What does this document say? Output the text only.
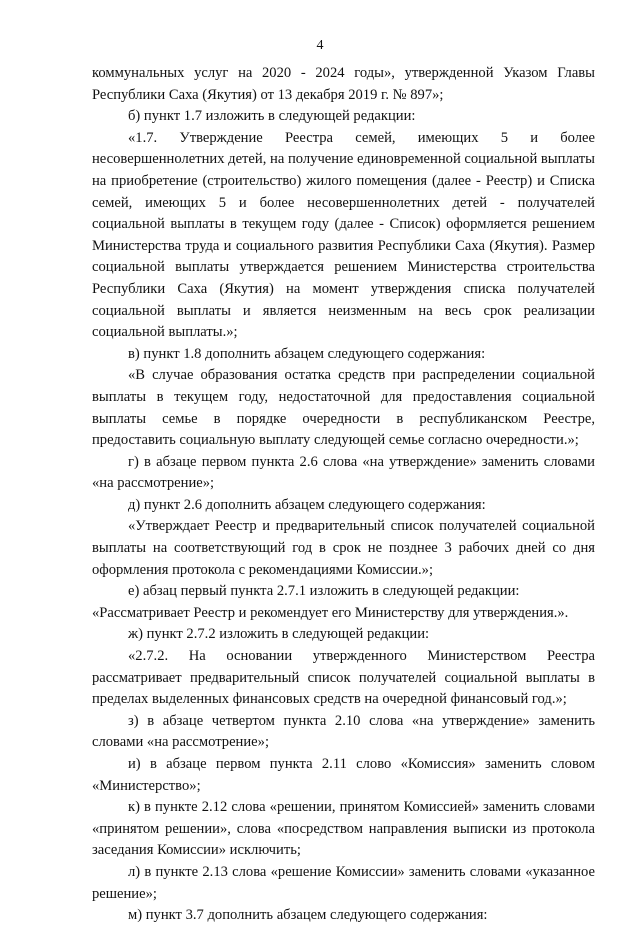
4

коммунальных услуг на 2020 - 2024 годы», утвержденной Указом Главы Республики Саха (Якутия) от 13 декабря 2019 г. № 897»;

б) пункт 1.7 изложить в следующей редакции:

«1.7. Утверждение Реестра семей, имеющих 5 и более несовершеннолетних детей, на получение единовременной социальной выплаты на приобретение (строительство) жилого помещения (далее - Реестр) и Списка семей, имеющих 5 и более несовершеннолетних детей - получателей социальной выплаты в текущем году (далее - Список) оформляется решением Министерства труда и социального развития Республики Саха (Якутия). Размер социальной выплаты утверждается решением Министерства строительства Республики Саха (Якутия) на момент утверждения списка получателей социальной выплаты и является неизменным на весь срок реализации социальной выплаты.»;

в) пункт 1.8 дополнить абзацем следующего содержания:

«В случае образования остатка средств при распределении социальной выплаты в текущем году, недостаточной для предоставления социальной выплаты семье в порядке очередности в республиканском Реестре, предоставить социальную выплату следующей семье согласно очередности.»;

г) в абзаце первом пункта 2.6 слова «на утверждение» заменить словами «на рассмотрение»;

д) пункт 2.6 дополнить абзацем следующего содержания:

«Утверждает Реестр и предварительный список получателей социальной выплаты на соответствующий год в срок не позднее 3 рабочих дней со дня оформления протокола с рекомендациями Комиссии.»;

е) абзац первый пункта 2.7.1 изложить в следующей редакции:

«Рассматривает Реестр и рекомендует его Министерству для утверждения.».

ж) пункт 2.7.2 изложить в следующей редакции:

«2.7.2. На основании утвержденного Министерством Реестра рассматривает предварительный список получателей социальной выплаты в пределах выделенных финансовых средств на очередной финансовый год.»;

з) в абзаце четвертом пункта 2.10 слова «на утверждение» заменить словами «на рассмотрение»;

и) в абзаце первом пункта 2.11 слово «Комиссия» заменить словом «Министерство»;

к) в пункте 2.12 слова «решении, принятом Комиссией» заменить словами «принятом решении», слова «посредством направления выписки из протокола заседания Комиссии» исключить;

л) в пункте 2.13 слова «решение Комиссии» заменить словами «указанное решение»;

м) пункт 3.7 дополнить абзацем следующего содержания:
